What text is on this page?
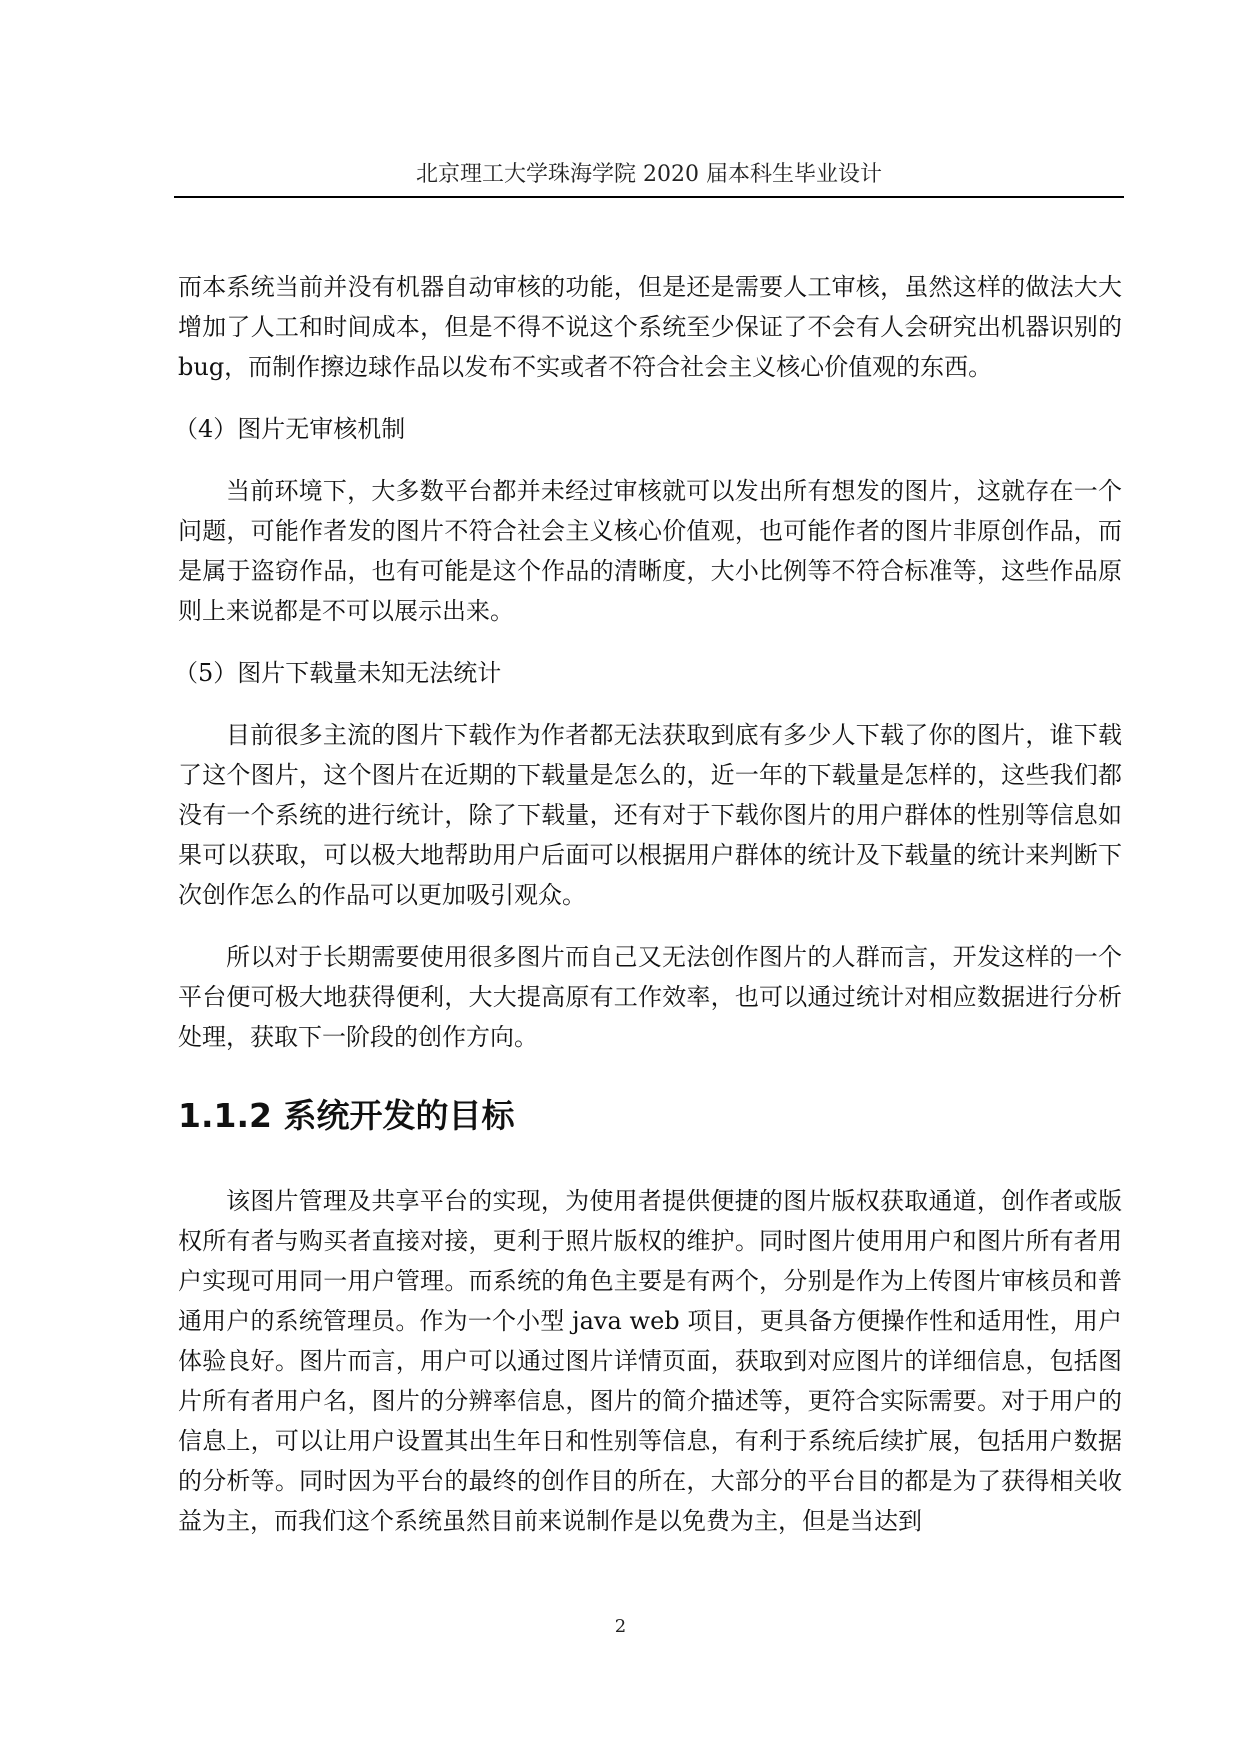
北京理工大学珠海学院 2020 届本科生毕业设计

而本系统当前并没有机器自动审核的功能，但是还是需要人工审核，虽然这样的做法大大增加了人工和时间成本，但是不得不说这个系统至少保证了不会有人会研究出机器识别的 bug，而制作擦边球作品以发布不实或者不符合社会主义核心价值观的东西。

（4）图片无审核机制

当前环境下，大多数平台都并未经过审核就可以发出所有想发的图片，这就存在一个问题，可能作者发的图片不符合社会主义核心价值观，也可能作者的图片非原创作品，而是属于盗窃作品，也有可能是这个作品的清晰度，大小比例等不符合标准等，这些作品原则上来说都是不可以展示出来。

（5）图片下载量未知无法统计

目前很多主流的图片下载作为作者都无法获取到底有多少人下载了你的图片，谁下载了这个图片，这个图片在近期的下载量是怎么的，近一年的下载量是怎样的，这些我们都没有一个系统的进行统计，除了下载量，还有对于下载你图片的用户群体的性别等信息如果可以获取，可以极大地帮助用户后面可以根据用户群体的统计及下载量的统计来判断下次创作怎么的作品可以更加吸引观众。

所以对于长期需要使用很多图片而自己又无法创作图片的人群而言，开发这样的一个平台便可极大地获得便利，大大提高原有工作效率，也可以通过统计对相应数据进行分析处理，获取下一阶段的创作方向。

1.1.2 系统开发的目标

该图片管理及共享平台的实现，为使用者提供便捷的图片版权获取通道，创作者或版权所有者与购买者直接对接，更利于照片版权的维护。同时图片使用用户和图片所有者用户实现可用同一用户管理。而系统的角色主要是有两个，分别是作为上传图片审核员和普通用户的系统管理员。作为一个小型 java web 项目，更具备方便操作性和适用性，用户体验良好。图片而言，用户可以通过图片详情页面，获取到对应图片的详细信息，包括图片所有者用户名，图片的分辨率信息，图片的简介描述等，更符合实际需要。对于用户的信息上，可以让用户设置其出生年日和性别等信息，有利于系统后续扩展，包括用户数据的分析等。同时因为平台的最终的创作目的所在，大部分的平台目的都是为了获得相关收益为主，而我们这个系统虽然目前来说制作是以免费为主，但是当达到

2
